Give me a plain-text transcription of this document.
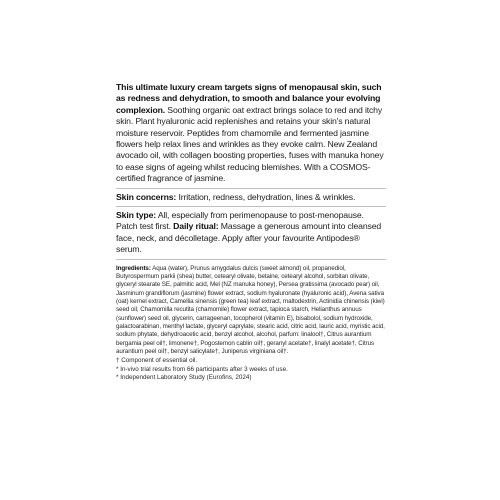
This ultimate luxury cream targets signs of menopausal skin, such as redness and dehydration, to smooth and balance your evolving complexion. Soothing organic oat extract brings solace to red and itchy skin. Plant hyaluronic acid replenishes and retains your skin's natural moisture reservoir. Peptides from chamomile and fermented jasmine flowers help relax lines and wrinkles as they evoke calm. New Zealand avocado oil, with collagen boosting properties, fuses with manuka honey to ease signs of ageing whilst reducing blemishes. With a COSMOS-certified fragrance of jasmine.

Skin concerns: Irritation, redness, dehydration, lines & wrinkles.

Skin type: All, especially from perimenopause to post-menopause. Patch test first. Daily ritual: Massage a generous amount into cleansed face, neck, and décolletage. Apply after your favourite Antipodes® serum.

Ingredients: Aqua (water), Prunus amygdalus dulcis (sweet almond) oil, propanediol, Butyrospermum parkii (shea) butter, cetearyl olivate, betaine, cetearyl alcohol, sorbitan olivate, glyceryl stearate SE, palmitic acid, Mel (NZ manuka honey), Persea gratissima (avocado pear) oil, Jasminum grandiflorum (jasmine) flower extract, sodium hyaluronate (hyaluronic acid), Avena sativa (oat) kernel extract, Camellia sinensis (green tea) leaf extract, maltodextrin, Actinidia chinensis (kiwi) seed oil, Chamomilla recutita (chamomile) flower extract, tapioca starch, Helianthus annuus (sunflower) seed oil, glycerin, carrageenan, tocopherol (vitamin E), bisabolol, sodium hydroxide, galactoarabinan, menthyl lactate, glyceryl caprylate, stearic acid, citric acid, lauric acid, myristic acid, sodium phytate, dehydroacetic acid, benzyl alcohol, alcohol, parfum: linalool†, Citrus aurantium bergamia peel oil†, limonene†, Pogostemon cablin oil†, geranyl acetate†, linalyl acetate†, Citrus aurantium peel oil†, benzyl salicylate†, Juniperus virginiana oil†.

† Component of essential oil.
* In-vivo trial results from 66 participants after 3 weeks of use.
* Independent Laboratory Study (Eurofins, 2024)
